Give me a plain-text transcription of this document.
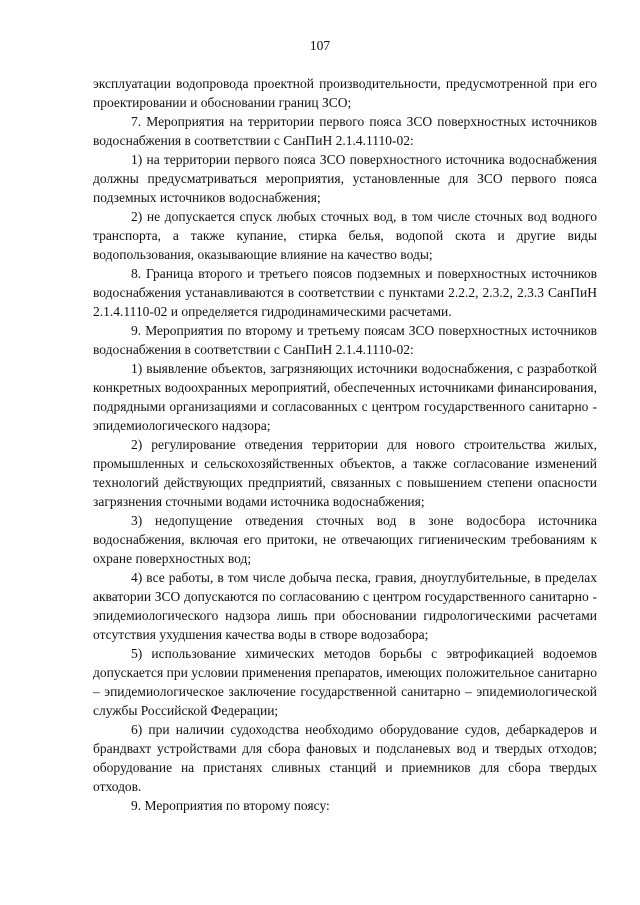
107

эксплуатации водопровода проектной производительности, предусмотренной при его проектировании и обосновании границ ЗСО;

7. Мероприятия на территории первого пояса ЗСО поверхностных источников водоснабжения в соответствии с СанПиН 2.1.4.1110-02:

1) на территории первого пояса ЗСО поверхностного источника водоснабжения должны предусматриваться мероприятия, установленные для ЗСО первого пояса подземных источников водоснабжения;

2) не допускается спуск любых сточных вод, в том числе сточных вод водного транспорта, а также купание, стирка белья, водопой скота и другие виды водопользования, оказывающие влияние на качество воды;

8. Граница второго и третьего поясов подземных и поверхностных источников водоснабжения устанавливаются в соответствии с пунктами 2.2.2, 2.3.2, 2.3.3 СанПиН 2.1.4.1110-02 и определяется гидродинамическими расчетами.

9. Мероприятия по второму и третьему поясам ЗСО поверхностных источников водоснабжения в соответствии с СанПиН 2.1.4.1110-02:

1) выявление объектов, загрязняющих источники водоснабжения, с разработкой конкретных водоохранных мероприятий, обеспеченных источниками финансирования, подрядными организациями и согласованных с центром государственного санитарно - эпидемиологического надзора;

2) регулирование отведения территории для нового строительства жилых, промышленных и сельскохозяйственных объектов, а также согласование изменений технологий действующих предприятий, связанных с повышением степени опасности загрязнения сточными водами источника водоснабжения;

3) недопущение отведения сточных вод в зоне водосбора источника водоснабжения, включая его притоки, не отвечающих гигиеническим требованиям к охране поверхностных вод;

4) все работы, в том числе добыча песка, гравия, дноуглубительные, в пределах акватории ЗСО допускаются по согласованию с центром государственного санитарно - эпидемиологического надзора лишь при обосновании гидрологическими расчетами отсутствия ухудшения качества воды в створе водозабора;

5) использование химических методов борьбы с эвтрофикацией водоемов допускается при условии применения препаратов, имеющих положительное санитарно – эпидемиологическое заключение государственной санитарно – эпидемиологической службы Российской Федерации;

6) при наличии судоходства необходимо оборудование судов, дебаркадеров и брандвахт устройствами для сбора фановых и подсланевых вод и твердых отходов; оборудование на пристанях сливных станций и приемников для сбора твердых отходов.

9. Мероприятия по второму поясу:
